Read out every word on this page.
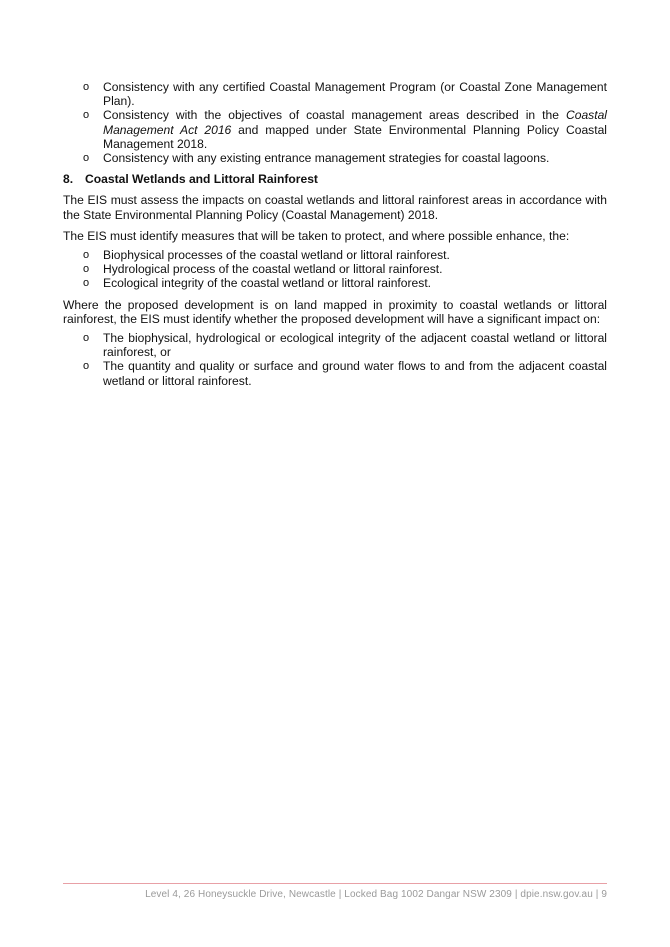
o Consistency with any certified Coastal Management Program (or Coastal Zone Management Plan).
o Consistency with the objectives of coastal management areas described in the Coastal Management Act 2016 and mapped under State Environmental Planning Policy Coastal Management 2018.
o Consistency with any existing entrance management strategies for coastal lagoons.
8. Coastal Wetlands and Littoral Rainforest

The EIS must assess the impacts on coastal wetlands and littoral rainforest areas in accordance with the State Environmental Planning Policy (Coastal Management) 2018.

The EIS must identify measures that will be taken to protect, and where possible enhance, the:

o Biophysical processes of the coastal wetland or littoral rainforest.
o Hydrological process of the coastal wetland or littoral rainforest.
o Ecological integrity of the coastal wetland or littoral rainforest.

Where the proposed development is on land mapped in proximity to coastal wetlands or littoral rainforest, the EIS must identify whether the proposed development will have a significant impact on:

o The biophysical, hydrological or ecological integrity of the adjacent coastal wetland or littoral rainforest, or
o The quantity and quality or surface and ground water flows to and from the adjacent coastal wetland or littoral rainforest.
Level 4, 26 Honeysuckle Drive, Newcastle | Locked Bag 1002 Dangar NSW 2309 | dpie.nsw.gov.au | 9
